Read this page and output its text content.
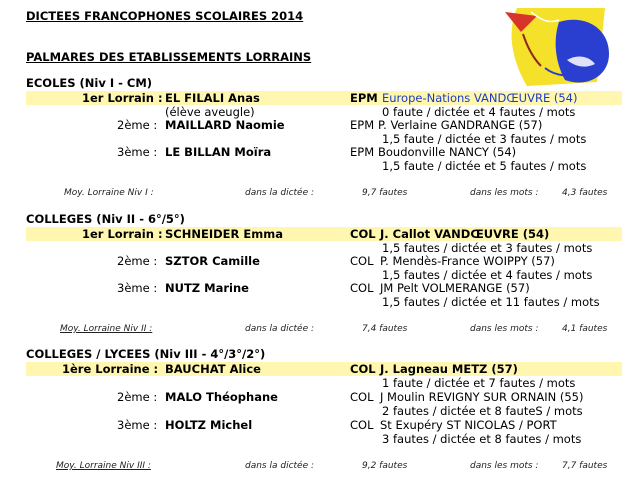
DICTEES FRANCOPHONES SCOLAIRES 2014
PALMARES DES ETABLISSEMENTS LORRAINS
ECOLES (Niv I - CM)
1er Lorrain : EL FILALI Anas	EPM Europe-Nations VANDŒUVRE (54)
(élève aveugle)	0 faute / dictée et 4 fautes / mots
2ème : MAILLARD Naomie	EPM P. Verlaine GANDRANGE (57)
1,5 faute / dictée et 3 fautes / mots
3ème : LE BILLAN Moïra	EPM Boudonville NANCY (54)
1,5 faute / dictée et 5 fautes / mots
Moy. Lorraine Niv I :	dans la dictée :	9,7 fautes	dans les mots :	4,3 fautes
COLLEGES (Niv II - 6°/5°)
1er Lorrain : SCHNEIDER Emma	COL J. Callot VANDŒUVRE (54)
1,5 fautes / dictée et 3 fautes / mots
2ème : SZTOR Camille	COL P. Mendès-France WOIPPY (57)
1,5 fautes / dictée et 4 fautes / mots
3ème : NUTZ Marine	COL JM Pelt VOLMERANGE (57)
1,5 fautes / dictée et 11 fautes / mots
Moy. Lorraine Niv II :	dans la dictée :	7,4 fautes	dans les mots :	4,1 fautes
COLLEGES / LYCEES (Niv III - 4°/3°/2°)
1ère Lorraine : BAUCHAT Alice	COL J. Lagneau METZ (57)
1 faute / dictée et 7 fautes / mots
2ème : MALO Théophane	COL J Moulin REVIGNY SUR ORNAIN (55)
2 fautes / dictée et 8 fauteS / mots
3ème : HOLTZ Michel	COL St Exupéry ST NICOLAS / PORT
3 fautes / dictée et 8 fautes / mots
Moy. Lorraine Niv III :	dans la dictée :	9,2 fautes	dans les mots :	7,7 fautes
